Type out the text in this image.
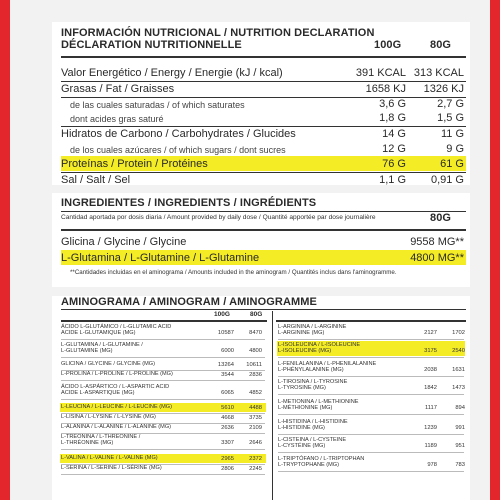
INFORMACIÓN NUTRICIONAL / NUTRITION DECLARATION
DÉCLARATION NUTRITIONNELLE	100G	80G
Valor Energético / Energy / Energie (kJ / kcal)	391 KCAL 313 KCAL
Grasas / Fat / Graisses	1658 KJ	1326 KJ
de las cuales saturadas / of which saturates	3,6 G	2,7 G
dont acides gras saturé	1,8 G	1,5 G
Hidratos de Carbono / Carbohydrates / Glucides	14 G	11 G
de los cuales azúcares / of which sugars / dont sucres	12 G	9 G
Proteínas / Protein / Protéines	76 G	61 G
Sal / Salt / Sel	1,1 G	0,91 G
INGREDIENTES / INGREDIENTS / INGRÉDIENTS
Cantidad aportada por dosis diaria / Amount provided by daily dose / Quantité apportée par dose journalière	80G
Glicina / Glycine / Glycine	9558 MG**
L-Glutamina / L-Glutamine / L-Glutamine	4800 MG**
**Cantidades incluidas en el aminograma / Amounts included in the aminogram / Quantités inclus dans l'aminogramme.
AMINOGRAMA / AMINOGRAM / AMINOGRAMME
100G	80G
ÁCIDO L-GLUTÁMICO / L-GLUTAMIC ACID
ACIDE L-GLUTAMIQUE (MG)	10587	8470
L-GLUTAMINA / L-GLUTAMINE /
L-GLUTAMINE (MG)	6000	4800
GLICINA / GLYCINE / GLYCINE (MG)	13264	10611
L-PROLINA / L-PROLINE / L-PROLINE (MG)	3544	2836
ÁCIDO L-ASPÁRTICO / L-ASPARTIC ACID
ACIDE L-ASPARTIQUE (MG)	6065	4852
L-LEUCINA / L-LEUCINE / L-LEUCINE (MG)	5610	4488
L-LISINA / L-LYSINE / L-LYSINE (MG)	4668	3735
L-ALANINA / L-ALANINE / L-ALANINE (MG)	2636	2109
L-TREONINA / L-THREONINE /
L-THRÉONINE (MG)	3307	2646
L-VALINA / L-VALINE / L-VALINE (MG)	2965	2372
L-SERINA / L-SERINE / L-SÉRINE (MG)	2806	2245
L-ARGININA / L-ARGININE
L-ARGININE (MG)	2127	1702
L-ISOLEUCINA / L-ISOLEUCINE
L-ISOLEUCINE (MG)	3175	2540
L-FENILALANINA / L-PHENILALANINE
L-PHÉNYLALANINE (MG)	2038	1631
L-TIROSINA / L-TYROSINE
L-TYROSINE (MG)	1842	1473
L-METIONINA / L-METHIONINE
L-MÉTHIONINE (MG)	1117	894
L-HISTIDINA / L-HISTIDINE
L-HISTIDINE (MG)	1239	991
L-CISTEINA / L-CYSTEINE
L-CYSTÉINE (MG)	1189	951
L-TRIPTÓFANO / L-TRIPTOPHAN
L-TRYPTOPHANE (MG)	978	783
